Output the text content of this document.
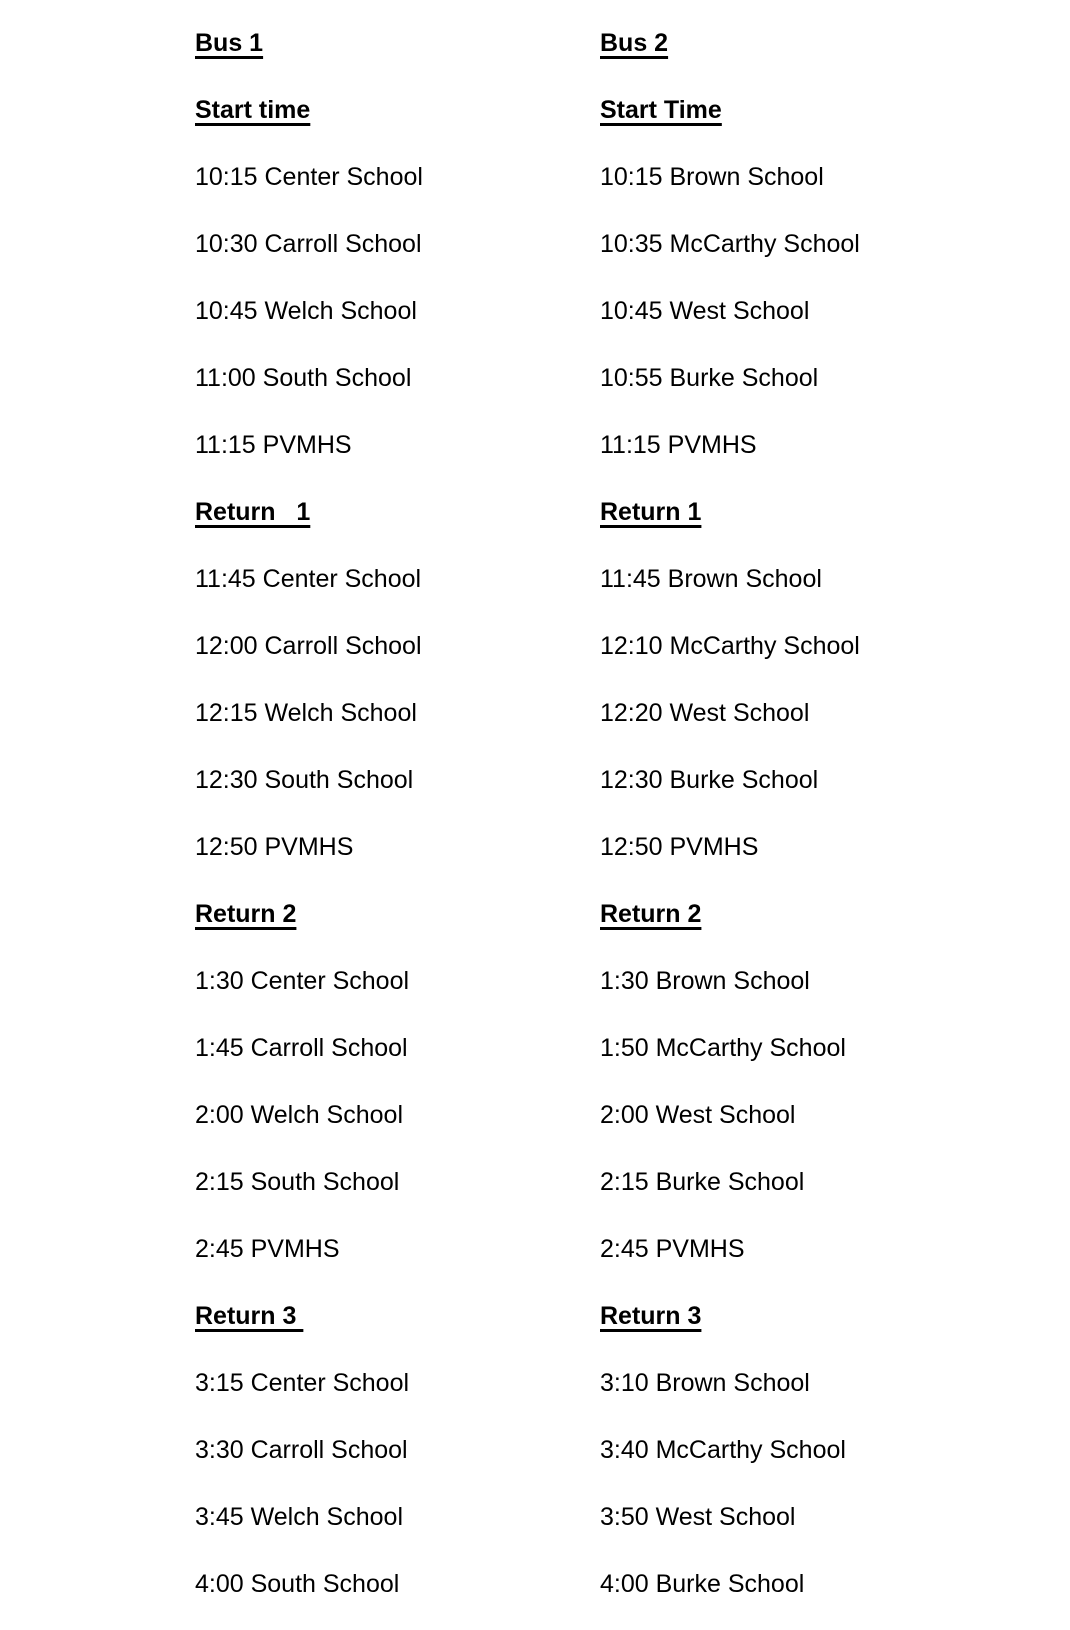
Bus 1

Start time

10:15 Center School

10:30 Carroll School

10:45 Welch School

11:00 South School

11:15 PVMHS

Return   1

11:45 Center School

12:00 Carroll School

12:15 Welch School

12:30 South School

12:50 PVMHS

Return 2

1:30 Center School

1:45 Carroll School

2:00 Welch School

2:15 South School

2:45 PVMHS

Return 3

3:15 Center School

3:30 Carroll School

3:45 Welch School

4:00 South School

Bus 2

Start Time

10:15 Brown School

10:35 McCarthy School

10:45 West School

10:55 Burke School

11:15 PVMHS

Return 1

11:45 Brown School

12:10 McCarthy School

12:20 West School

12:30 Burke School

12:50 PVMHS

Return 2

1:30 Brown School

1:50 McCarthy School

2:00 West School

2:15 Burke School

2:45 PVMHS

Return 3

3:10 Brown School

3:40 McCarthy School

3:50 West School

4:00 Burke School
